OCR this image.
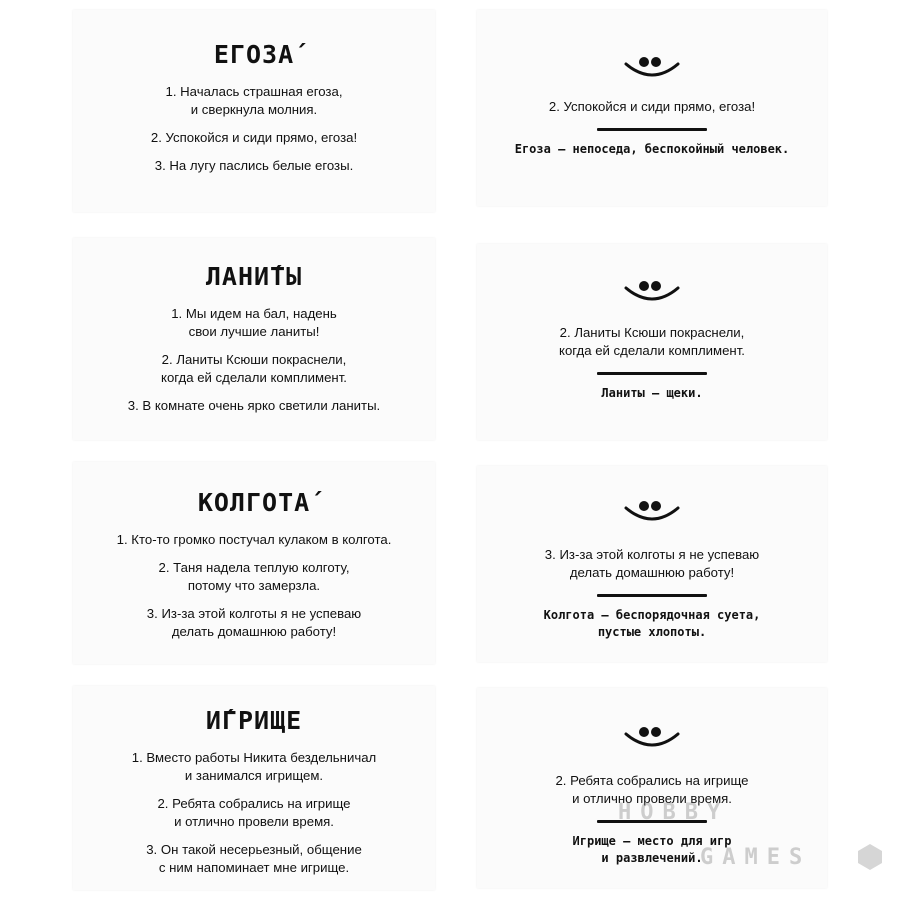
ЕГОЗА́

1. Началась страшная егоза,
и сверкнула молния.

2. Успокойся и сиди прямо, егоза!

3. На лугу паслись белые егозы.

2. Успокойся и сиди прямо, егоза!

Егоза – непоседа, беспокойный человек.

ЛАНИ́ТЫ

1. Мы идем на бал, надень
свои лучшие ланиты!

2. Ланиты Ксюши покраснели,
когда ей сделали комплимент.

3. В комнате очень ярко светили ланиты.

2. Ланиты Ксюши покраснели,
когда ей сделали комплимент.

Ланиты – щеки.

КОЛГОТА́

1. Кто-то громко постучал кулаком в колгота.

2. Таня надела теплую колготу,
потому что замерзла.

3. Из-за этой колготы я не успеваю
делать домашнюю работу!

3. Из-за этой колготы я не успеваю
делать домашнюю работу!

Колгота – беспорядочная суета,
пустые хлопоты.

И́ГРИЩЕ

1. Вместо работы Никита бездельничал
и занимался игрищем.

2. Ребята собрались на игрище
и отлично провели время.

3. Он такой несерьезный, общение
с ним напоминает мне игрище.

2. Ребята собрались на игрище
и отлично провели время.

Игрище – место для игр
и развлечений.

HOBBY
GAMES
